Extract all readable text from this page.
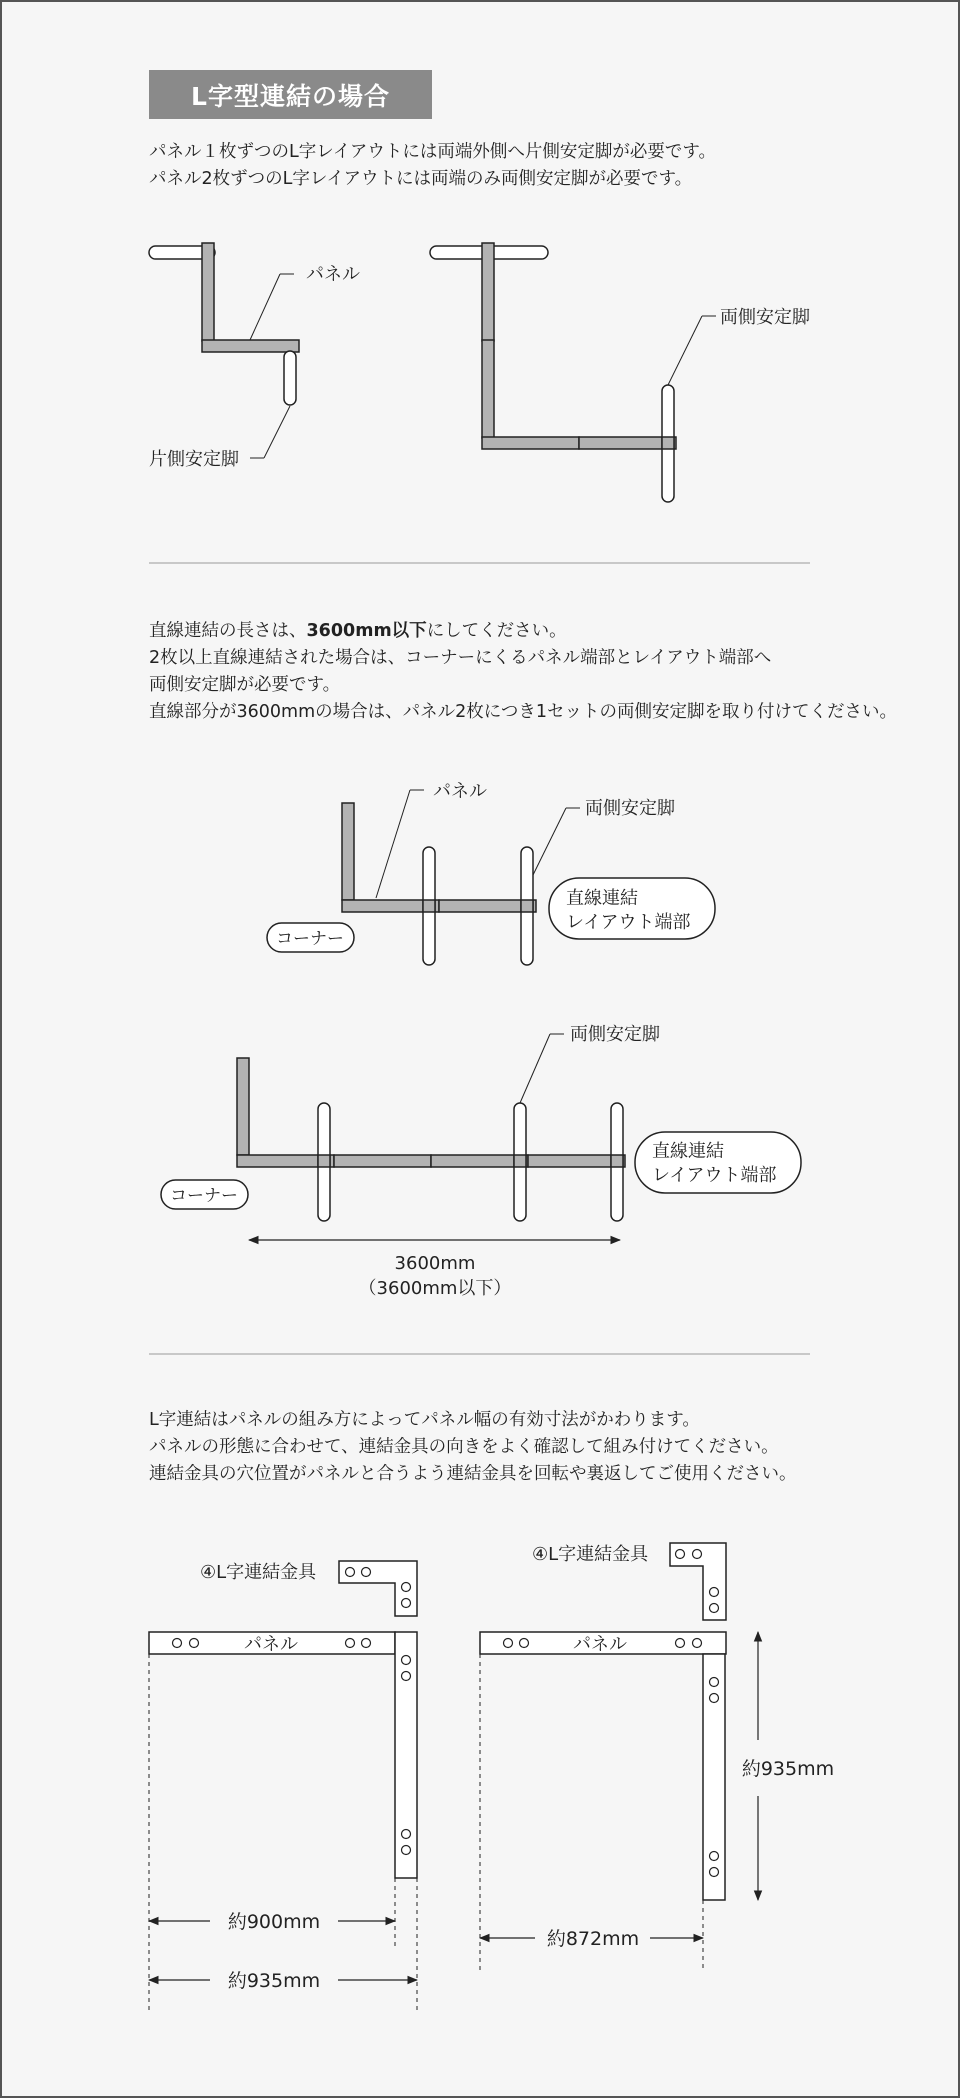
L字型連結の場合
パネル１枚ずつのL字レイアウトには両端外側へ片側安定脚が必要です。
パネル2枚ずつのL字レイアウトには両端のみ両側安定脚が必要です。
直線連結の長さは、3600mm以下にしてください。
2枚以上直線連結された場合は、コーナーにくるパネル端部とレイアウト端部へ
両側安定脚が必要です。
直線部分が3600mmの場合は、パネル2枚につき1セットの両側安定脚を取り付けてください。
L字連結はパネルの組み方によってパネル幅の有効寸法がかわります。
パネルの形態に合わせて、連結金具の向きをよく確認して組み付けてください。
連結金具の穴位置がパネルと合うよう連結金具を回転や裏返してご使用ください。
パネル
片側安定脚
両側安定脚
パネル
両側安定脚
コーナー
直線連結
レイアウト端部
両側安定脚
コーナー
直線連結
レイアウト端部
3600mm
（3600mm以下）
④L字連結金具
パネル
約900mm
約935mm
④L字連結金具
パネル
約872mm
約935mm
